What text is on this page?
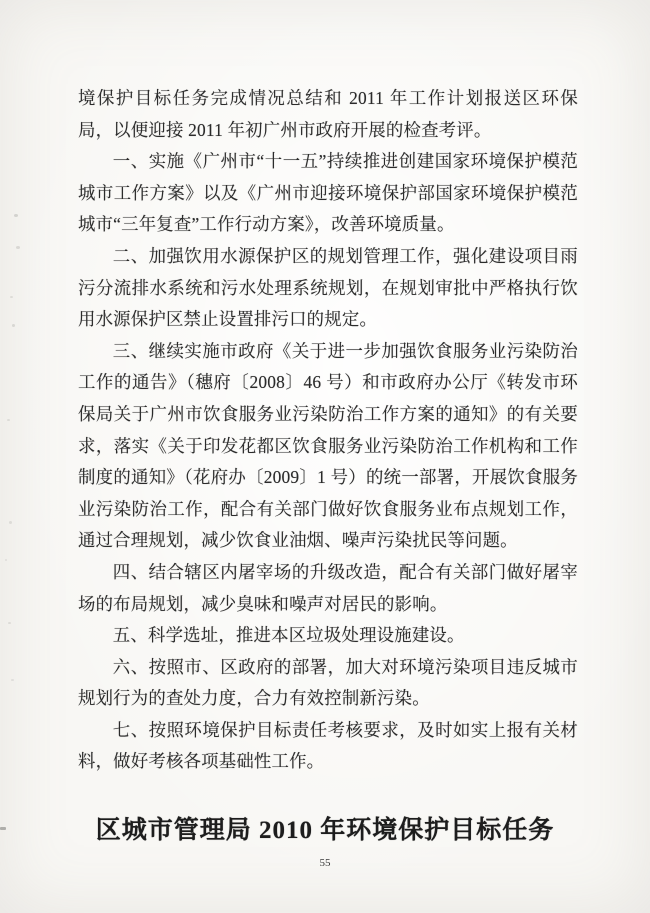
境保护目标任务完成情况总结和 2011 年工作计划报送区环保局，以便迎接 2011 年初广州市政府开展的检查考评。

一、实施《广州市“十一五”持续推进创建国家环境保护模范城市工作方案》以及《广州市迎接环境保护部国家环境保护模范城市“三年复查”工作行动方案》，改善环境质量。

二、加强饮用水源保护区的规划管理工作，强化建设项目雨污分流排水系统和污水处理系统规划，在规划审批中严格执行饮用水源保护区禁止设置排污口的规定。

三、继续实施市政府《关于进一步加强饮食服务业污染防治工作的通告》（穗府〔2008〕46 号）和市政府办公厅《转发市环保局关于广州市饮食服务业污染防治工作方案的通知》的有关要求，落实《关于印发花都区饮食服务业污染防治工作机构和工作制度的通知》（花府办〔2009〕1 号）的统一部署，开展饮食服务业污染防治工作，配合有关部门做好饮食服务业布点规划工作，通过合理规划，减少饮食业油烟、噪声污染扰民等问题。

四、结合辖区内屠宰场的升级改造，配合有关部门做好屠宰场的布局规划，减少臭味和噪声对居民的影响。

五、科学选址，推进本区垃圾处理设施建设。

六、按照市、区政府的部署，加大对环境污染项目违反城市规划行为的查处力度，合力有效控制新污染。

七、按照环境保护目标责任考核要求，及时如实上报有关材料，做好考核各项基础性工作。

区城市管理局 2010 年环境保护目标任务
55
